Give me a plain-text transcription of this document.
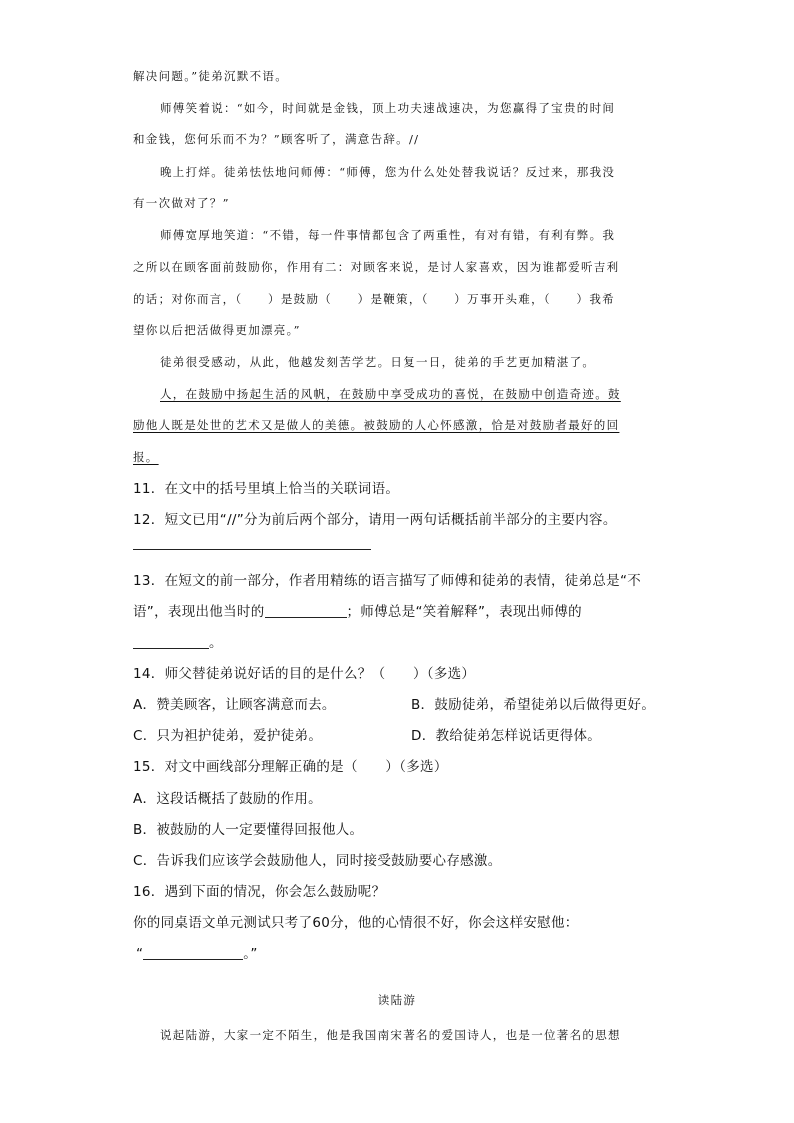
解决问题。”徒弟沉默不语。
师傅笑着说：“如今，时间就是金钱，顶上功夫速战速决，为您赢得了宝贵的时间
和金钱，您何乐而不为？”顾客听了，满意告辞。//
晚上打烊。徒弟怯怯地问师傅：“师傅，您为什么处处替我说话？反过来，那我没
有一次做对了？”
师傅宽厚地笑道：“不错，每一件事情都包含了两重性，有对有错，有利有弊。我
之所以在顾客面前鼓励你，作用有二：对顾客来说，是讨人家喜欢，因为谁都爱听吉利
的话；对你而言，（　　）是鼓励（　　）是鞭策，（　　）万事开头难，（　　）我希
望你以后把活做得更加漂亮。”
徒弟很受感动，从此，他越发刻苦学艺。日复一日，徒弟的手艺更加精湛了。
人，在鼓励中扬起生活的风帆，在鼓励中享受成功的喜悦，在鼓励中创造奇迹。鼓
励他人既是处世的艺术又是做人的美德。被鼓励的人心怀感激，恰是对鼓励者最好的回
报。
11．在文中的括号里填上恰当的关联词语。
12．短文已用“//”分为前后两个部分，请用一两句话概括前半部分的主要内容。
13．在短文的前一部分，作者用精练的语言描写了师傅和徒弟的表情，徒弟总是“不
语”，表现出他当时的	；师傅总是“笑着解释”，表现出师傅的
。
14．师父替徒弟说好话的目的是什么？（　　）（多选）
A．赞美顾客，让顾客满意而去。	B．鼓励徒弟，希望徒弟以后做得更好。
C．只为袒护徒弟，爱护徒弟。	D．教给徒弟怎样说话更得体。
15．对文中画线部分理解正确的是（　　）（多选）
A．这段话概括了鼓励的作用。
B．被鼓励的人一定要懂得回报他人。
C．告诉我们应该学会鼓励他人，同时接受鼓励要心存感激。
16．遇到下面的情况，你会怎么鼓励呢？
你的同桌语文单元测试只考了60分，他的心情很不好，你会这样安慰他：
“	。”
读陆游
说起陆游，大家一定不陌生，他是我国南宋著名的爱国诗人，也是一位著名的思想
